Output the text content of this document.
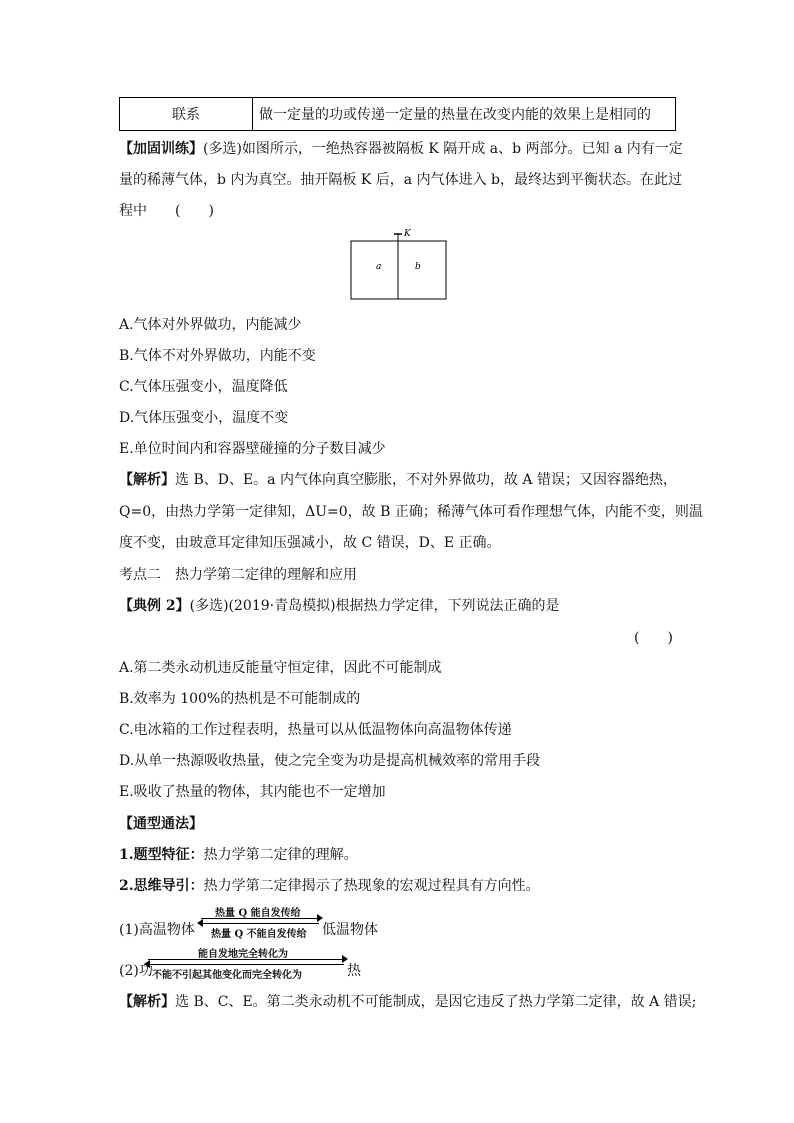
联系	做一定量的功或传递一定量的热量在改变内能的效果上是相同的
【加固训练】(多选)如图所示，一绝热容器被隔板 K 隔开成 a、b 两部分。已知 a 内有一定
量的稀薄气体，b 内为真空。抽开隔板 K 后，a 内气体进入 b，最终达到平衡状态。在此过
程中　　(　　)
K
a	b
A.气体对外界做功，内能减少
B.气体不对外界做功，内能不变
C.气体压强变小，温度降低
D.气体压强变小，温度不变
E.单位时间内和容器壁碰撞的分子数目减少
【解析】选 B、D、E。a 内气体向真空膨胀，不对外界做功，故 A 错误；又因容器绝热，
Q=0，由热力学第一定律知，ΔU=0，故 B 正确；稀薄气体可看作理想气体，内能不变，则温
度不变，由玻意耳定律知压强减小，故 C 错误，D、E 正确。
考点二　热力学第二定律的理解和应用
【典例 2】(多选)(2019·青岛模拟)根据热力学定律，下列说法正确的是
(　　)
A.第二类永动机违反能量守恒定律，因此不可能制成
B.效率为 100%的热机是不可能制成的
C.电冰箱的工作过程表明，热量可以从低温物体向高温物体传递
D.从单一热源吸收热量，使之完全变为功是提高机械效率的常用手段
E.吸收了热量的物体，其内能也不一定增加
【通型通法】
1.题型特征：热力学第二定律的理解。
2.思维导引：热力学第二定律揭示了热现象的宏观过程具有方向性。
(1)高温物体
热量 Q 能自发传给
热量 Q 不能自发传给 低温物体
(2)功
能自发地完全转化为
不能不引起其他变化而完全转化为	热
【解析】选 B、C、E。第二类永动机不可能制成，是因它违反了热力学第二定律，故 A 错误;
